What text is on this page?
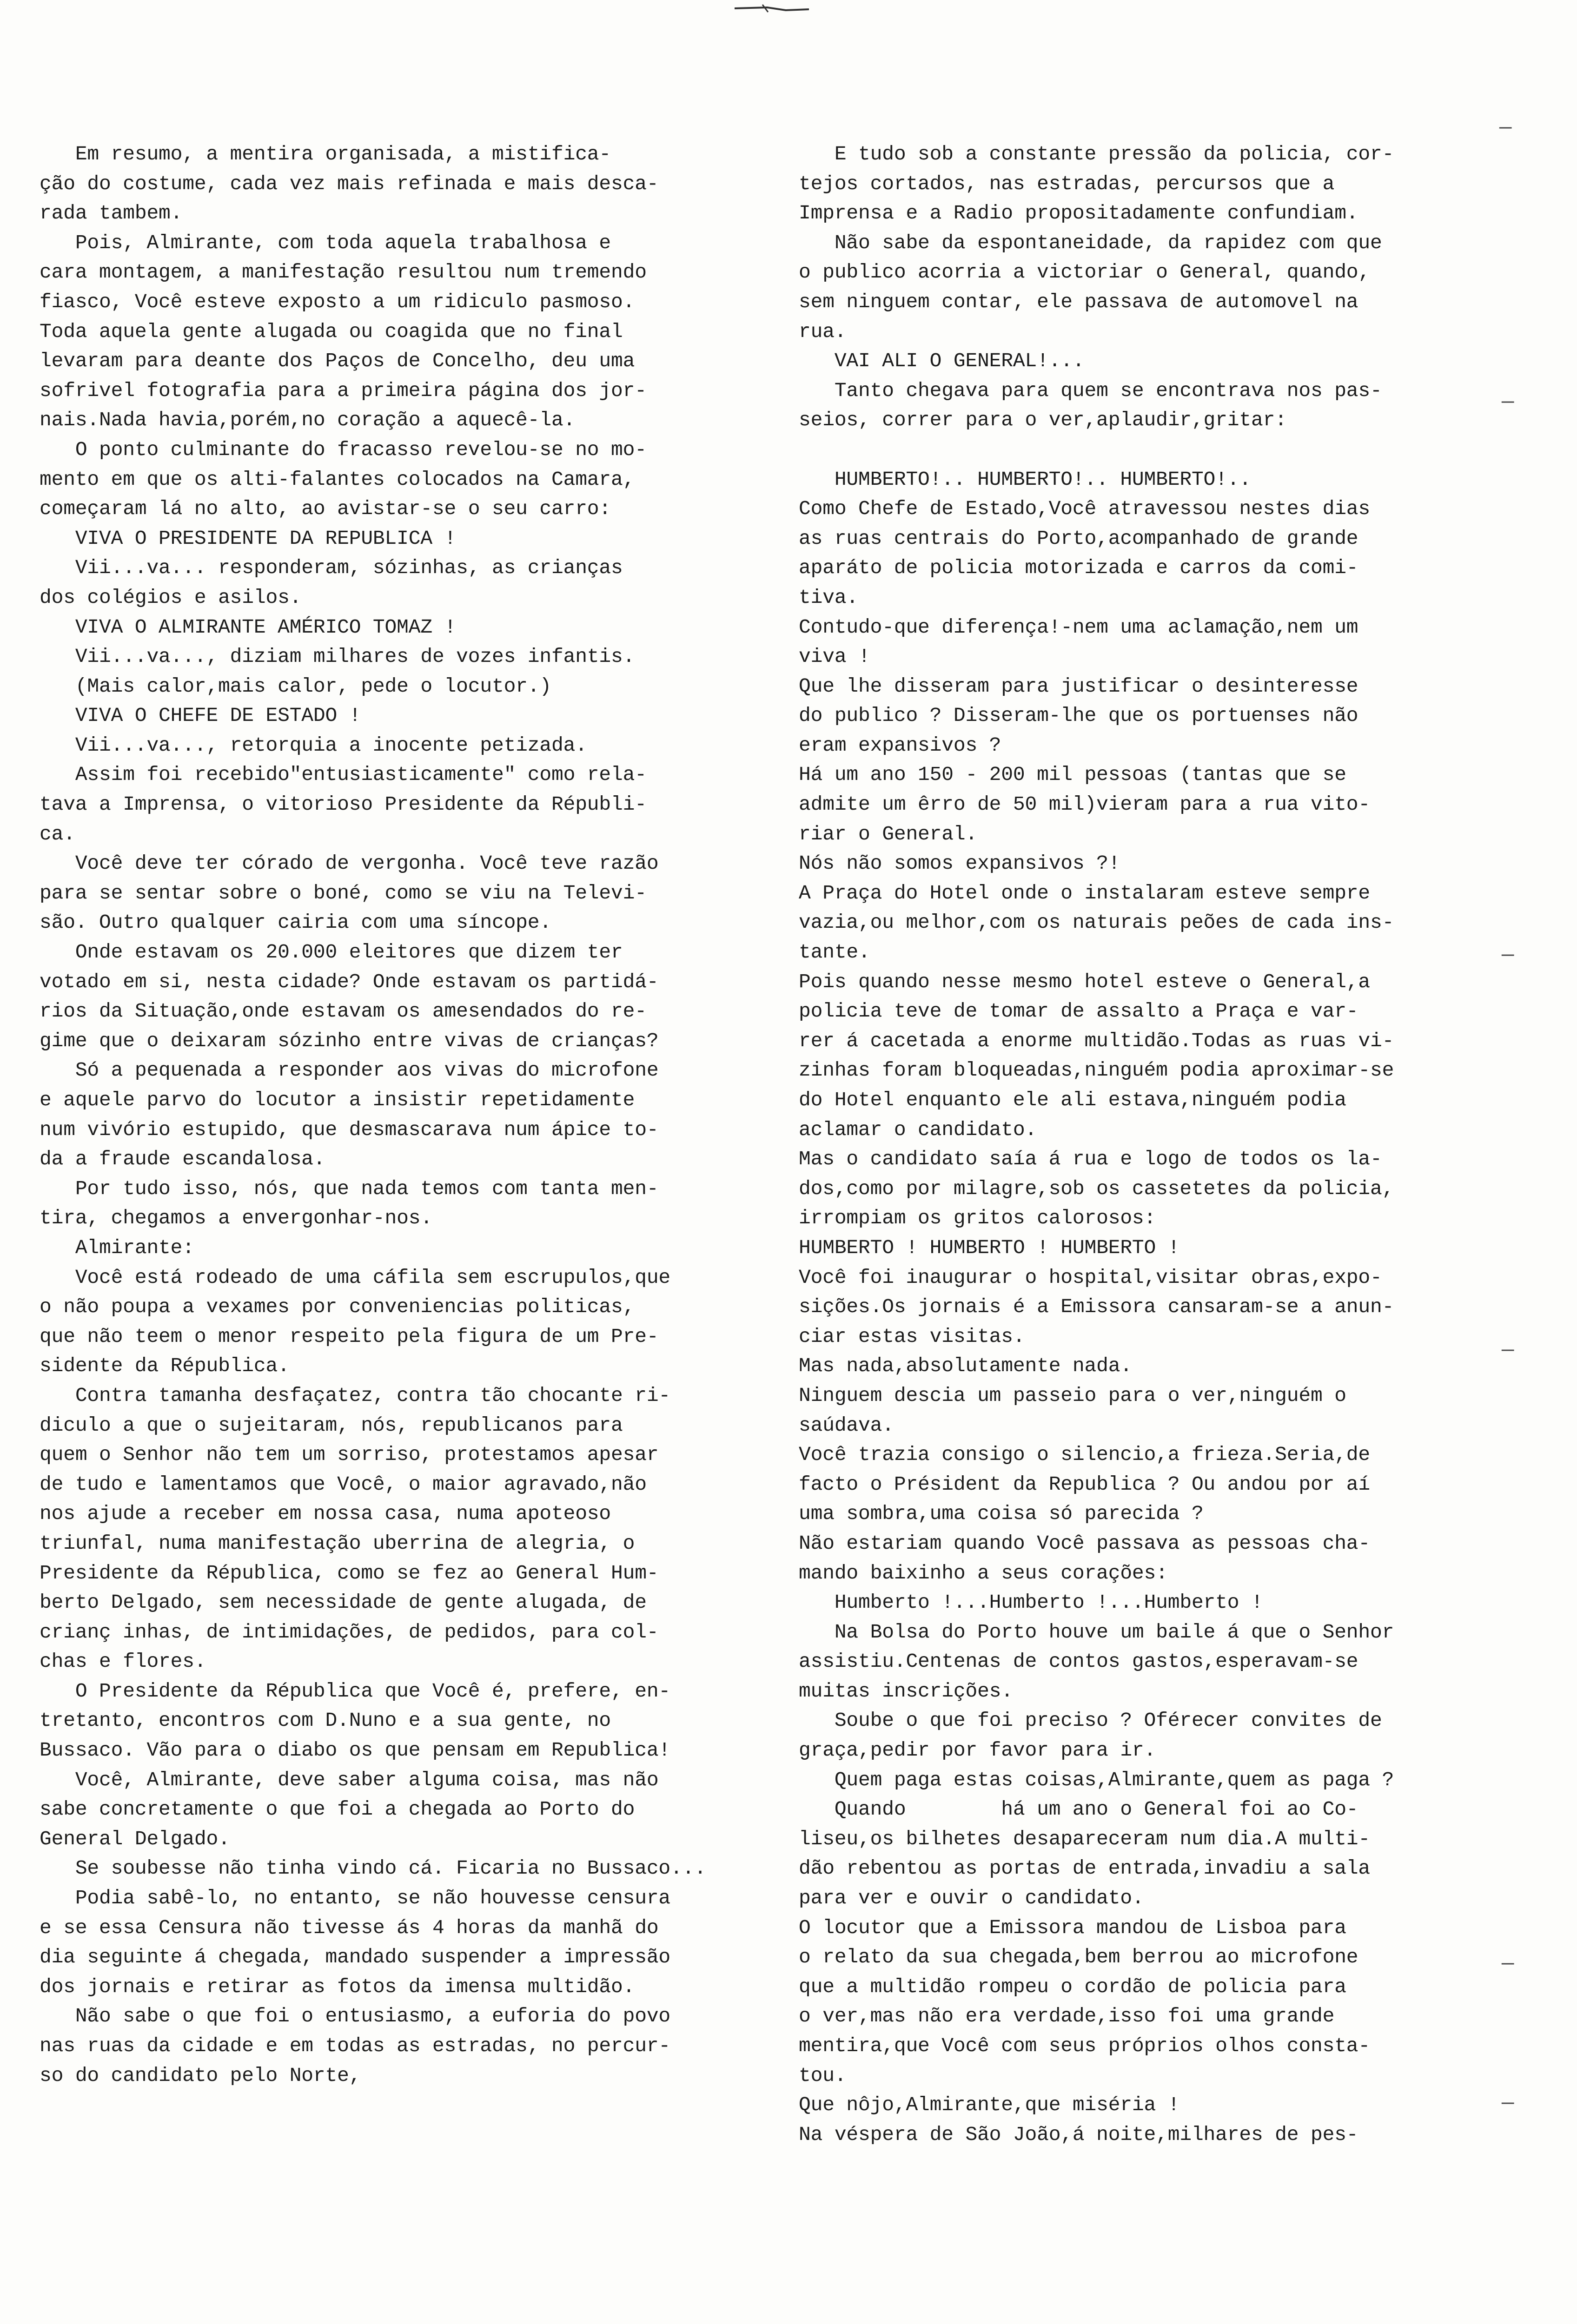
Em resumo, a mentira organisada, a mistifica-
ção do costume, cada vez mais refinada e mais desca-
rada tambem.
Pois, Almirante, com toda aquela trabalhosa e
cara montagem, a manifestação resultou num tremendo
fiasco, Você esteve exposto a um ridiculo pasmoso.
Toda aquela gente alugada ou coagida que no final
levaram para deante dos Paços de Concelho, deu uma
sofrivel fotografia para a primeira página dos jor-
nais.Nada havia,porém,no coração a aquecê-la.
O ponto culminante do fracasso revelou-se no mo-
mento em que os alti-falantes colocados na Camara,
começaram lá no alto, ao avistar-se o seu carro:
VIVA O PRESIDENTE DA REPUBLICA !
Vii...va... responderam, sózinhas, as crianças
dos colégios e asilos.
VIVA O ALMIRANTE AMÉRICO TOMAZ !
Vii...va..., diziam milhares de vozes infantis.
(Mais calor,mais calor, pede o locutor.)
VIVA O CHEFE DE ESTADO !
Vii...va..., retorquia a inocente petizada.
Assim foi recebido"entusiasticamente" como rela-
tava a Imprensa, o vitorioso Presidente da Républi-
ca.
Você deve ter córado de vergonha. Você teve razão
para se sentar sobre o boné, como se viu na Televi-
são. Outro qualquer cairia com uma síncope.
Onde estavam os 20.000 eleitores que dizem ter
votado em si, nesta cidade? Onde estavam os partidá-
rios da Situação,onde estavam os amesendados do re-
gime que o deixaram sózinho entre vivas de crianças?
Só a pequenada a responder aos vivas do microfone
e aquele parvo do locutor a insistir repetidamente
num vivório estupido, que desmascarava num ápice to-
da a fraude escandalosa.
Por tudo isso, nós, que nada temos com tanta men-
tira, chegamos a envergonhar-nos.
Almirante:
Você está rodeado de uma cáfila sem escrupulos,que
o não poupa a vexames por conveniencias politicas,
que não teem o menor respeito pela figura de um Pre-
sidente da Républica.
Contra tamanha desfaçatez, contra tão chocante ri-
diculo a que o sujeitaram, nós, republicanos para
quem o Senhor não tem um sorriso, protestamos apesar
de tudo e lamentamos que Você, o maior agravado,não
nos ajude a receber em nossa casa, numa apoteoso
triunfal, numa manifestação uberrina de alegria, o
Presidente da Républica, como se fez ao General Hum-
berto Delgado, sem necessidade de gente alugada, de
crianç inhas, de intimidações, de pedidos, para col-
chas e flores.
O Presidente da Républica que Você é, prefere, en-
tretanto, encontros com D.Nuno e a sua gente, no
Bussaco. Vão para o diabo os que pensam em Republica!
Você, Almirante, deve saber alguma coisa, mas não
sabe concretamente o que foi a chegada ao Porto do
General Delgado.
Se soubesse não tinha vindo cá. Ficaria no Bussaco...
Podia sabê-lo, no entanto, se não houvesse censura
e se essa Censura não tivesse ás 4 horas da manhã do
dia seguinte á chegada, mandado suspender a impressão
dos jornais e retirar as fotos da imensa multidão.
Não sabe o que foi o entusiasmo, a euforia do povo
nas ruas da cidade e em todas as estradas, no percur-
so do candidato pelo Norte,
E tudo sob a constante pressão da policia, cor-
tejos cortados, nas estradas, percursos que a
Imprensa e a Radio propositadamente confundiam.
Não sabe da espontaneidade, da rapidez com que
o publico acorria a victoriar o General, quando,
sem ninguem contar, ele passava de automovel na
rua.
VAI ALI O GENERAL!...
Tanto chegava para quem se encontrava nos pas-
seios, correr para o ver,aplaudir,gritar:
HUMBERTO!.. HUMBERTO!.. HUMBERTO!..
Como Chefe de Estado,Você atravessou nestes dias
as ruas centrais do Porto,acompanhado de grande
aparáto de policia motorizada e carros da comi-
tiva.
Contudo-que diferença!-nem uma aclamação,nem um
viva !
Que lhe disseram para justificar o desinteresse
do publico ? Disseram-lhe que os portuenses não
eram expansivos ?
Há um ano 150 - 200 mil pessoas (tantas que se
admite um êrro de 50 mil)vieram para a rua vito-
riar o General.
Nós não somos expansivos ?!
A Praça do Hotel onde o instalaram esteve sempre
vazia,ou melhor,com os naturais peões de cada ins-
tante.
Pois quando nesse mesmo hotel esteve o General,a
policia teve de tomar de assalto a Praça e var-
rer á cacetada a enorme multidão.Todas as ruas vi-
zinhas foram bloqueadas,ninguém podia aproximar-se
do Hotel enquanto ele ali estava,ninguém podia
aclamar o candidato.
Mas o candidato saía á rua e logo de todos os la-
dos,como por milagre,sob os cassetetes da policia,
irrompiam os gritos calorosos:
HUMBERTO ! HUMBERTO ! HUMBERTO !
Você foi inaugurar o hospital,visitar obras,expo-
sições.Os jornais é a Emissora cansaram-se a anun-
ciar estas visitas.
Mas nada,absolutamente nada.
Ninguem descia um passeio para o ver,ninguém o
saúdava.
Você trazia consigo o silencio,a frieza.Seria,de
facto o Président da Republica ? Ou andou por aí
uma sombra,uma coisa só parecida ?
Não estariam quando Você passava as pessoas cha-
mando baixinho a seus corações:
Humberto !...Humberto !...Humberto !
Na Bolsa do Porto houve um baile á que o Senhor
assistiu.Centenas de contos gastos,esperavam-se
muitas inscrições.
Soube o que foi preciso ? Oférecer convites de
graça,pedir por favor para ir.
Quem paga estas coisas,Almirante,quem as paga ?
Quando        há um ano o General foi ao Co-
liseu,os bilhetes desapareceram num dia.A multi-
dão rebentou as portas de entrada,invadiu a sala
para ver e ouvir o candidato.
O locutor que a Emissora mandou de Lisboa para
o relato da sua chegada,bem berrou ao microfone
que a multidão rompeu o cordão de policia para
o ver,mas não era verdade,isso foi uma grande
mentira,que Você com seus próprios olhos consta-
tou.
Que nôjo,Almirante,que miséria !
Na véspera de São João,á noite,milhares de pes-
—
—
—
—
—
—
